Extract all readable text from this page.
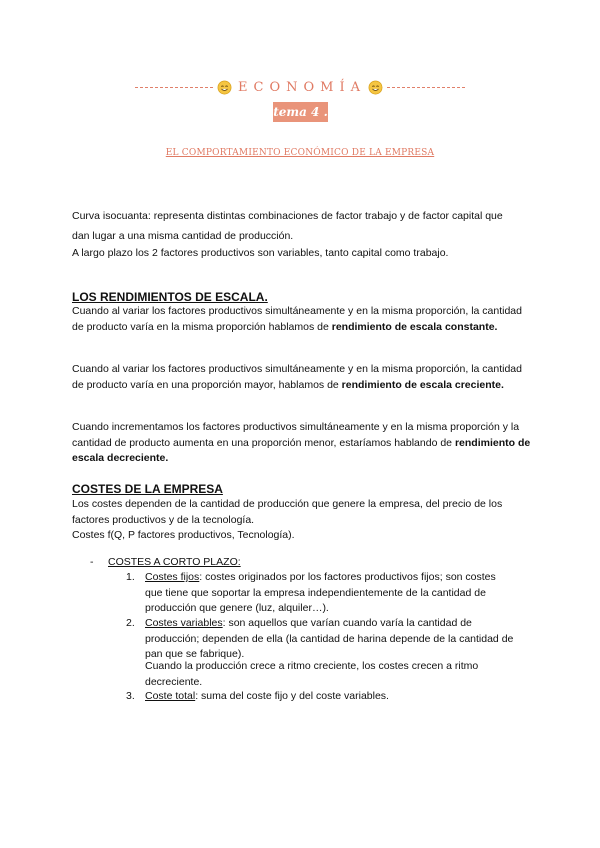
ECONOMÍA
tema 4 .
EL COMPORTAMIENTO ECONÓMICO DE LA EMPRESA
Curva isocuanta: representa distintas combinaciones de factor trabajo y de factor capital que
dan lugar a una misma cantidad de producción.
A largo plazo los 2 factores productivos son variables, tanto capital como trabajo.
LOS RENDIMIENTOS DE ESCALA.
Cuando al variar los factores productivos simultáneamente y en la misma proporción, la cantidad de producto varía en la misma proporción hablamos de rendimiento de escala constante.
Cuando al variar los factores productivos simultáneamente y en la misma proporción, la cantidad de producto varía en una proporción mayor, hablamos de rendimiento de escala creciente.
Cuando incrementamos los factores productivos simultáneamente y en la misma proporción y la cantidad de producto aumenta en una proporción menor, estaríamos hablando de rendimiento de escala decreciente.
COSTES DE LA EMPRESA
Los costes dependen de la cantidad de producción que genere la empresa, del precio de los factores productivos y de la tecnología.
Costes f(Q, P factores productivos, Tecnología).
- COSTES A CORTO PLAZO:
1. Costes fijos: costes originados por los factores productivos fijos; son costes que tiene que soportar la empresa independientemente de la cantidad de producción que genere (luz, alquiler…).
2. Costes variables: son aquellos que varían cuando varía la cantidad de producción; dependen de ella (la cantidad de harina depende de la cantidad de pan que se fabrique).
Cuando la producción crece a ritmo creciente, los costes crecen a ritmo decreciente.
3. Coste total: suma del coste fijo y del coste variables.
